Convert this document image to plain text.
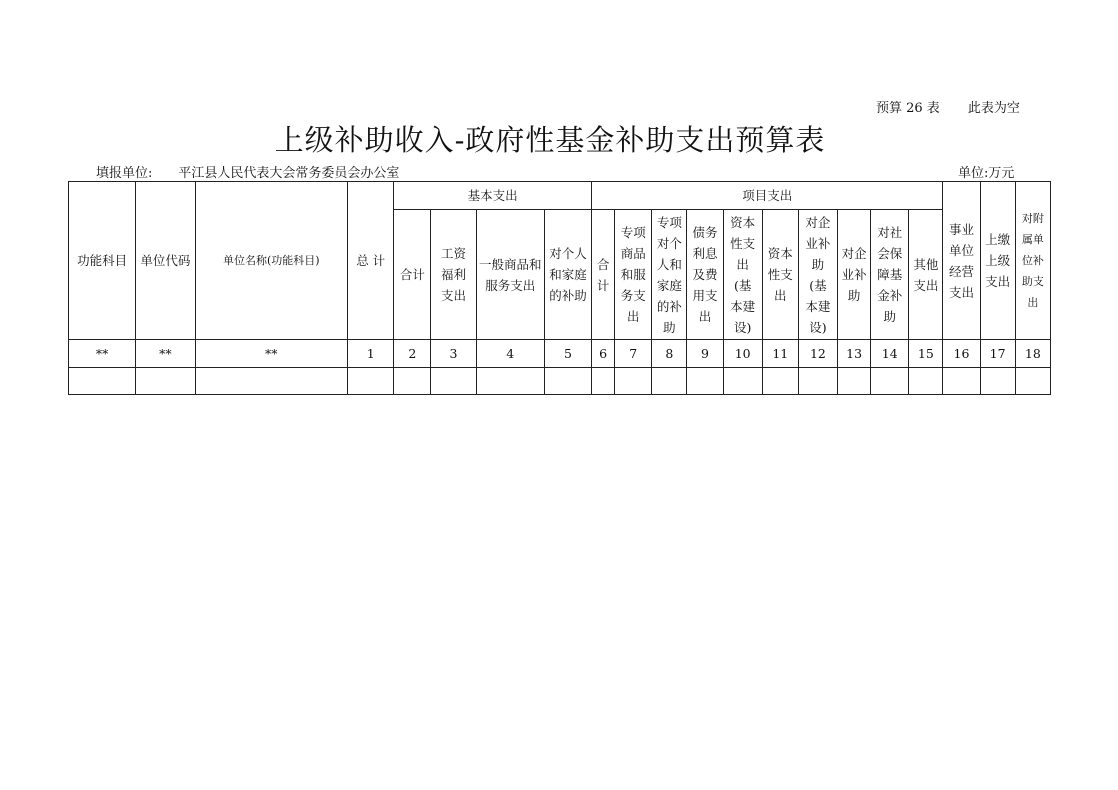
预算 26 表 此表为空
上级补助收入-政府性基金补助支出预算表
填报单位: 平江县人民代表大会常务委员会办公室	单位:万元
功能科目	单位代码	单位名称(功能科目)	总 计	基本支出				项目支出										事业单位经营支出	上缴上级支出	对附属单位补助支出
				合计	工资福利支出	一般商品和服务支出	对个人和家庭的补助	合计	专项商品和服务支出	专项对个人和家庭的补助	债务利息及费用支出	资本性支出(基本建设)	资本性支出	对企业补助(基本建设)	对企业补助	对社会保障基金补助	其他支出			
**	**	**	1	2	3	4	5	6	7	8	9	10	11	12	13	14	15	16	17	18
